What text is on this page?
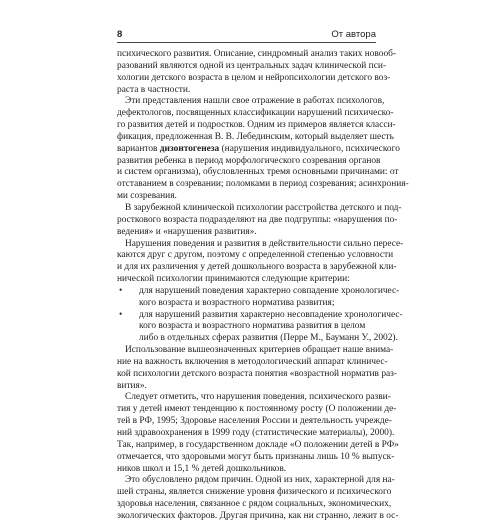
8	От автора
психического развития. Описание, синдромный анализ таких новооб-
разований являются одной из центральных задач клинической пси-
хологии детского возраста в целом и нейропсихологии детского воз-
раста в частности.
Эти представления нашли свое отражение в работах психологов,
дефектологов, посвященных классификации нарушений психическо-
го развития детей и подростков. Одним из примеров является класси-
фикация, предложенная В. В. Лебединским, который выделяет шесть
вариантов дизонтогенеза (нарушения индивидуального, психического
развития ребенка в период морфологического созревания органов
и систем организма), обусловленных тремя основными причинами: от
отставанием в созревании; поломками в период созревания; асинхрония-
ми созревания.
В зарубежной клинической психологии расстройства детского и под-
росткового возраста подразделяют на две подгруппы: «нарушения по-
ведения» и «нарушения развития».
Нарушения поведения и развития в действительности сильно пересе-
каются друг с другом, поэтому с определенной степенью условности
и для их различения у детей дошкольного возраста в зарубежной кли-
нической психологии принимаются следующие критерии:
• для нарушений поведения характерно совпадение хронологичес-
кого возраста и возрастного норматива развития;
• для нарушений развития характерно несовпадение хронологичес-
кого возраста и возрастного норматива развития в целом
либо в отдельных сферах развития (Перре М., Бауманн У., 2002).
Использование вышеозначенных критериев обращает наше внима-
ние на важность включения в методологический аппарат клиничес-
кой психологии детского возраста понятия «возрастной норматив раз-
вития».
Следует отметить, что нарушения поведения, психического разви-
тия у детей имеют тенденцию к постоянному росту (О положении де-
тей в РФ, 1995; Здоровье населения России и деятельность учрежде-
ний здравоохранения в 1999 году (статистические материалы), 2000).
Так, например, в государственном докладе «О положении детей в РФ»
отмечается, что здоровыми могут быть признаны лишь 10 % выпуск-
ников школ и 15,1 % детей дошкольников.
Это обусловлено рядом причин. Одной из них, характерной для на-
шей страны, является снижение уровня физического и психического
здоровья населения, связанное с рядом социальных, экономических,
экологических факторов. Другая причина, как ни странно, лежит в ос-
